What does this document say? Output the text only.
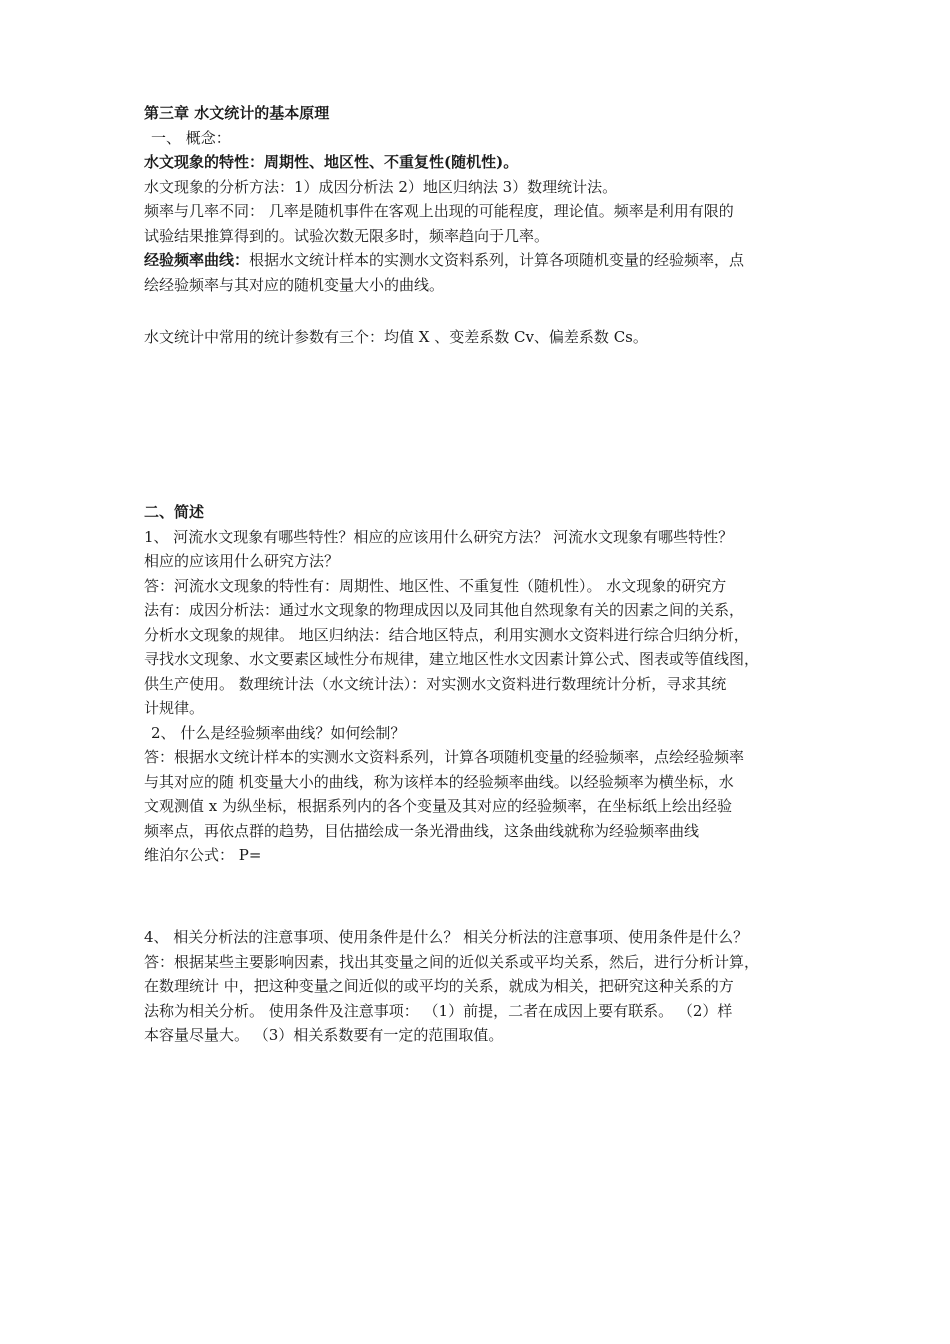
第三章 水文统计的基本原理

一、 概念：

水文现象的特性：周期性、地区性、不重复性(随机性)。

水文现象的分析方法：1）成因分析法 2）地区归纳法 3）数理统计法。

频率与几率不同： 几率是随机事件在客观上出现的可能程度，理论值。频率是利用有限的

试验结果推算得到的。试验次数无限多时，频率趋向于几率。

经验频率曲线：根据水文统计样本的实测水文资料系列，计算各项随机变量的经验频率，点

绘经验频率与其对应的随机变量大小的曲线。

水文统计中常用的统计参数有三个：均值 X 、变差系数 Cv、偏差系数 Cs。

二、简述

1、 河流水文现象有哪些特性？相应的应该用什么研究方法？ 河流水文现象有哪些特性？

相应的应该用什么研究方法？

答：河流水文现象的特性有：周期性、地区性、不重复性（随机性）。 水文现象的研究方

法有：成因分析法：通过水文现象的物理成因以及同其他自然现象有关的因素之间的关系，

分析水文现象的规律。 地区归纳法：结合地区特点，利用实测水文资料进行综合归纳分析，

寻找水文现象、水文要素区域性分布规律，建立地区性水文因素计算公式、图表或等值线图，

供生产使用。 数理统计法（水文统计法）：对实测水文资料进行数理统计分析，寻求其统

计规律。

2、 什么是经验频率曲线？如何绘制？

答：根据水文统计样本的实测水文资料系列，计算各项随机变量的经验频率，点绘经验频率

与其对应的随 机变量大小的曲线，称为该样本的经验频率曲线。以经验频率为横坐标，水

文观测值 x 为纵坐标，根据系列内的各个变量及其对应的经验频率，在坐标纸上绘出经验

频率点，再依点群的趋势，目估描绘成一条光滑曲线，这条曲线就称为经验频率曲线

维泊尔公式： P=

4、 相关分析法的注意事项、使用条件是什么？ 相关分析法的注意事项、使用条件是什么？

答：根据某些主要影响因素，找出其变量之间的近似关系或平均关系，然后，进行分析计算，

在数理统计 中，把这种变量之间近似的或平均的关系，就成为相关，把研究这种关系的方

法称为相关分析。 使用条件及注意事项： （1）前提，二者在成因上要有联系。 （2）样

本容量尽量大。 （3）相关系数要有一定的范围取值。
